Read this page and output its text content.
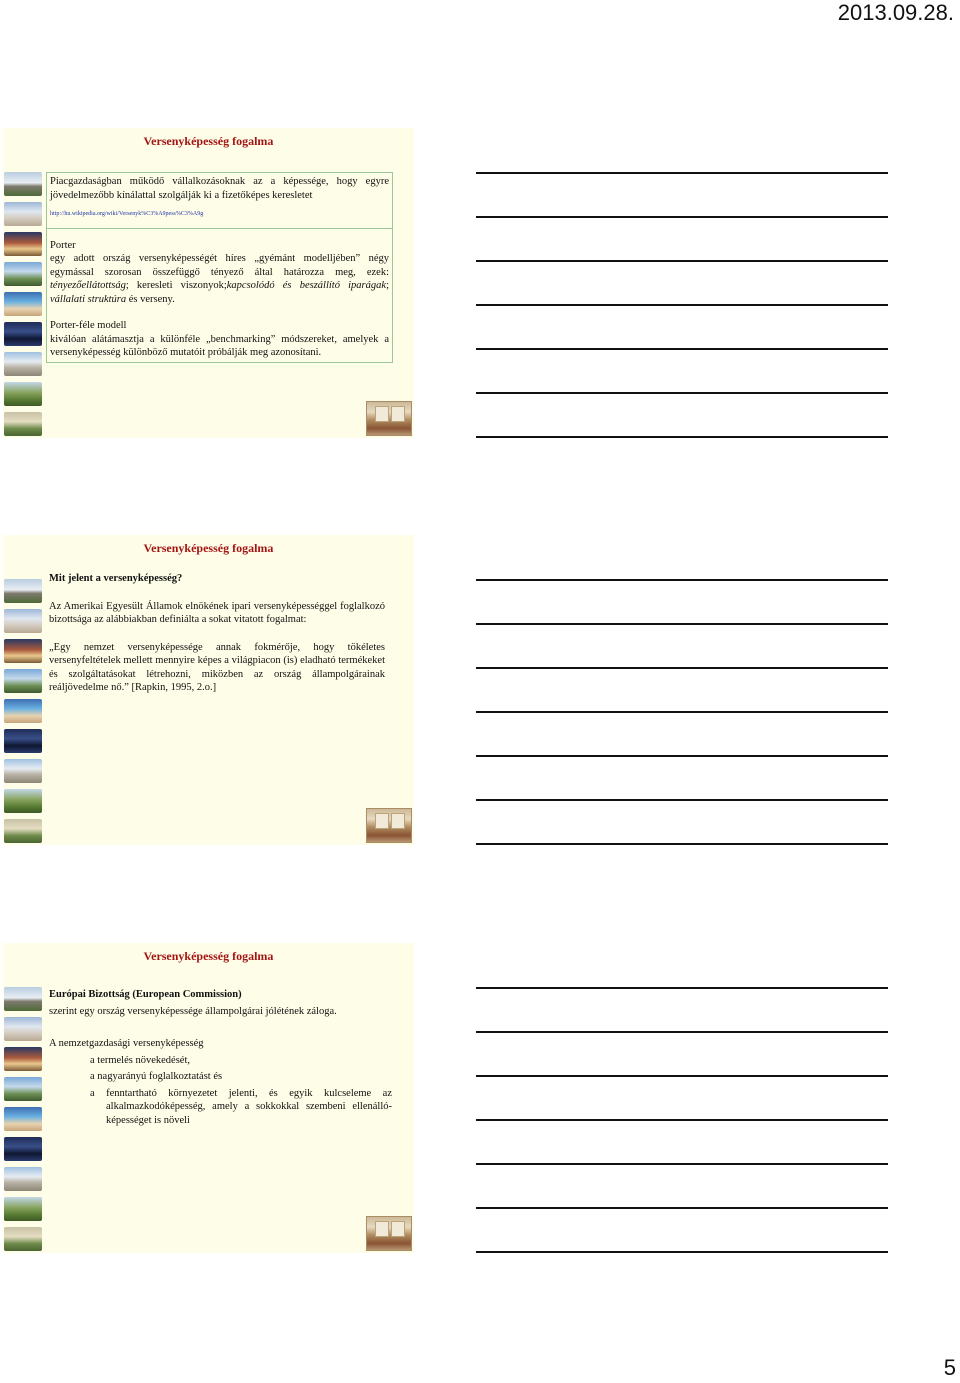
2013.09.28.
Versenyképesség fogalma

Piacgazdaságban működő vállalkozásoknak az a képessége, hogy egyre jövedelmezőbb kínálattal szolgálják ki a fizetőképes keresletet

http://hu.wikipedia.org/wiki/Versenyk%C3%A9pess%C3%A9g

Porter

egy adott ország versenyképességét híres „gyémánt modelljében” négy egymással szorosan összefüggő tényező által határozza meg, ezek: tényezőellátottság; keresleti viszonyok;kapcsolódó és beszállító iparágak; vállalati struktúra és verseny.

Porter-féle modell

kiválóan alátámasztja a különféle „benchmarking” módszereket, amelyek a versenyképesség különböző mutatóit próbálják meg azonosítani.

Versenyképesség fogalma

Mit jelent a versenyképesség?

Az Amerikai Egyesült Államok elnökének ipari versenyképességgel foglalkozó bizottsága az alábbiakban definiálta a sokat vitatott fogalmat:

„Egy nemzet versenyképessége annak fokmérője, hogy tökéletes versenyfeltételek mellett mennyire képes a világpiacon (is) eladható termékeket és szolgáltatásokat létrehozni, miközben az ország állampolgárainak reáljövedelme nő.” [Rapkin, 1995, 2.o.]

Versenyképesség fogalma

Európai Bizottság (European Commission)

szerint egy ország versenyképessége állampolgárai jólétének záloga.

A nemzetgazdasági versenyképesség

a termelés növekedését,

a nagyarányú foglalkoztatást és

a fenntartható környezetet jelenti, és egyik kulcseleme az alkalmazkodóképesség, amely a sokkokkal szembeni ellenálló-képességet is növeli

5
